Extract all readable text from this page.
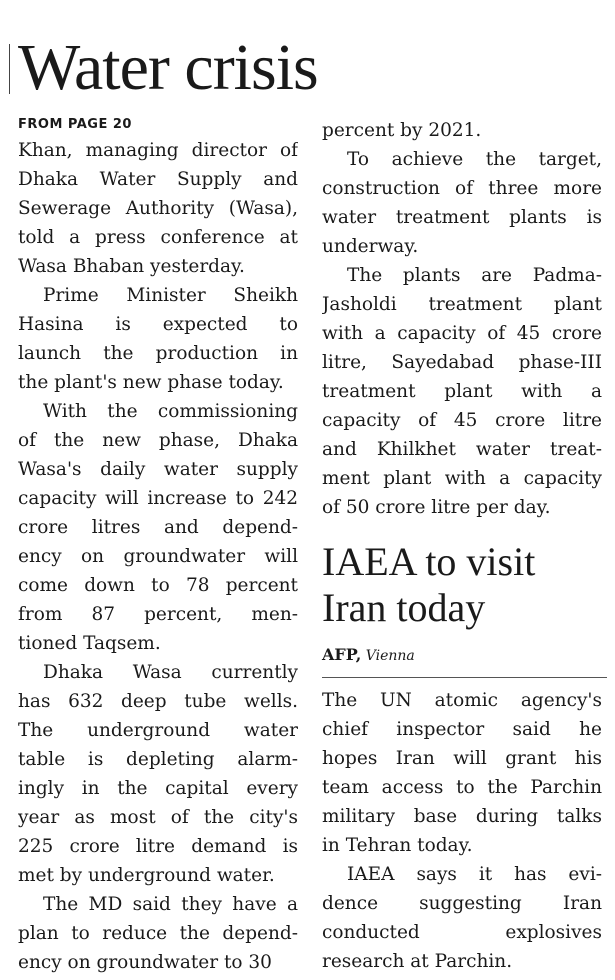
Water crisis
FROM PAGE 20
Khan, managing director of
Dhaka Water Supply and
Sewerage Authority (Wasa),
told a press conference at
Wasa Bhaban yesterday.
Prime Minister Sheikh
Hasina is expected to
launch the production in
the plant's new phase today.
With the commissioning
of the new phase, Dhaka
Wasa's daily water supply
capacity will increase to 242
crore litres and depend-
ency on groundwater will
come down to 78 percent
from 87 percent, men-
tioned Taqsem.
Dhaka Wasa currently
has 632 deep tube wells.
The underground water
table is depleting alarm-
ingly in the capital every
year as most of the city's
225 crore litre demand is
met by underground water.
The MD said they have a
plan to reduce the depend-
ency on groundwater to 30
percent by 2021.
To achieve the target,
construction of three more
water treatment plants is
underway.
The plants are Padma-
Jasholdi treatment plant
with a capacity of 45 crore
litre, Sayedabad phase-III
treatment plant with a
capacity of 45 crore litre
and Khilkhet water treat-
ment plant with a capacity
of 50 crore litre per day.
IAEA to visit
Iran today
AFP, Vienna
The UN atomic agency's
chief inspector said he
hopes Iran will grant his
team access to the Parchin
military base during talks
in Tehran today.
IAEA says it has evi-
dence suggesting Iran
conducted explosives
research at Parchin.
